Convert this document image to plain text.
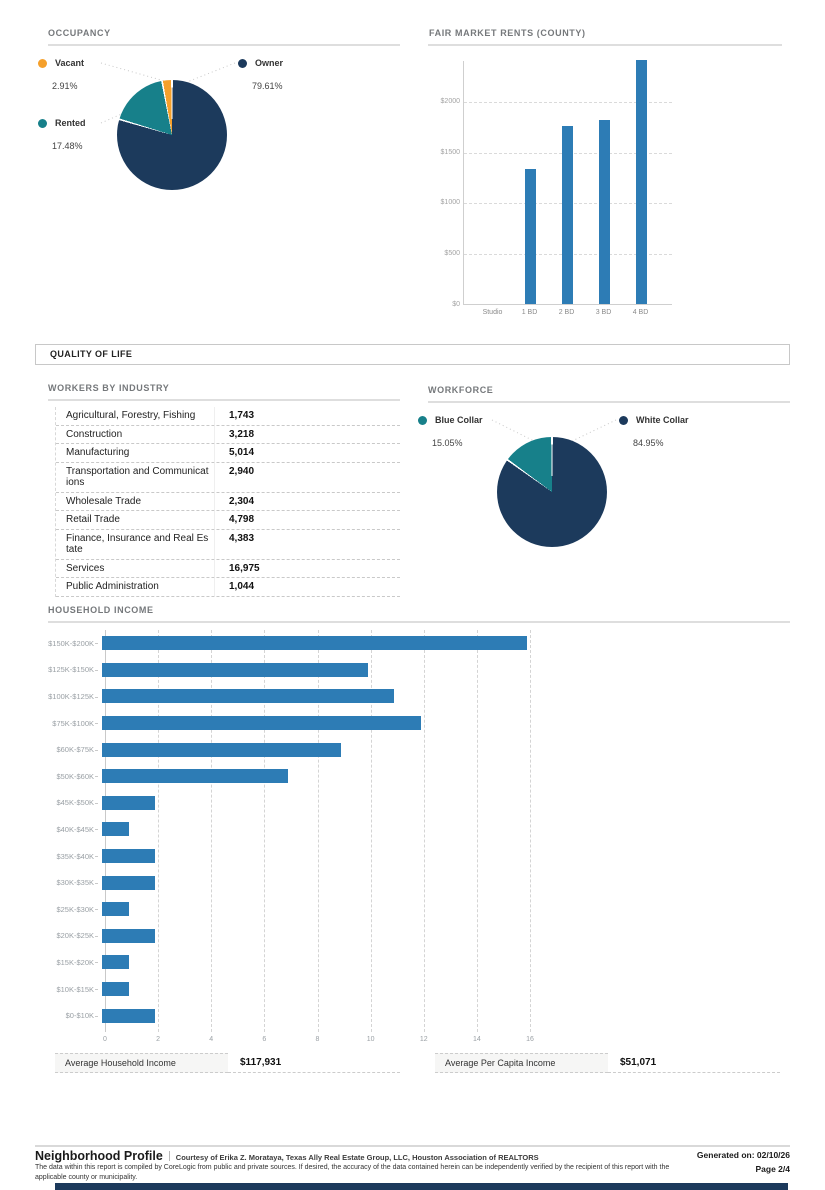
OCCUPANCY
Vacant
2.91%
Owner
79.61%
Rented
17.48%
FAIR MARKET RENTS (COUNTY)
$0
$500
$1000
$1500
$2000
Studio	1 BD	2 BD	3 BD	4 BD
QUALITY OF LIFE
WORKERS BY INDUSTRY
Agricultural, Forestry, Fishing	1,743
Construction	3,218
Manufacturing	5,014
Transportation and Communications
2,940
Wholesale Trade	2,304
Retail Trade	4,798
Finance, Insurance and Real Estate
4,383
Services	16,975
Public Administration	1,044
WORKFORCE
Blue Collar
15.05%
White Collar
84.95%
HOUSEHOLD INCOME
$150K-$200K
$125K-$150K
$100K-$125K
$75K-$100K
$60K-$75K
$50K-$60K
$45K-$50K
$40K-$45K
$35K-$40K
$30K-$35K
$25K-$30K
$20K-$25K
$15K-$20K
$10K-$15K
$0-$10K
0	2	4	6	8	10	12	14	16
Average Household Income	$117,931	Average Per Capita Income	$51,071
Neighborhood Profile Courtesy of Erika Z. Morataya, Texas Ally Real Estate Group, LLC, Houston Association of REALTORS	Generated on: 02/10/26
The data within this report is compiled by CoreLogic from public and private sources. If desired, the accuracy of the data contained herein can be independently verified by the recipient of this report with the applicable county or municipality.
Page 2/4
